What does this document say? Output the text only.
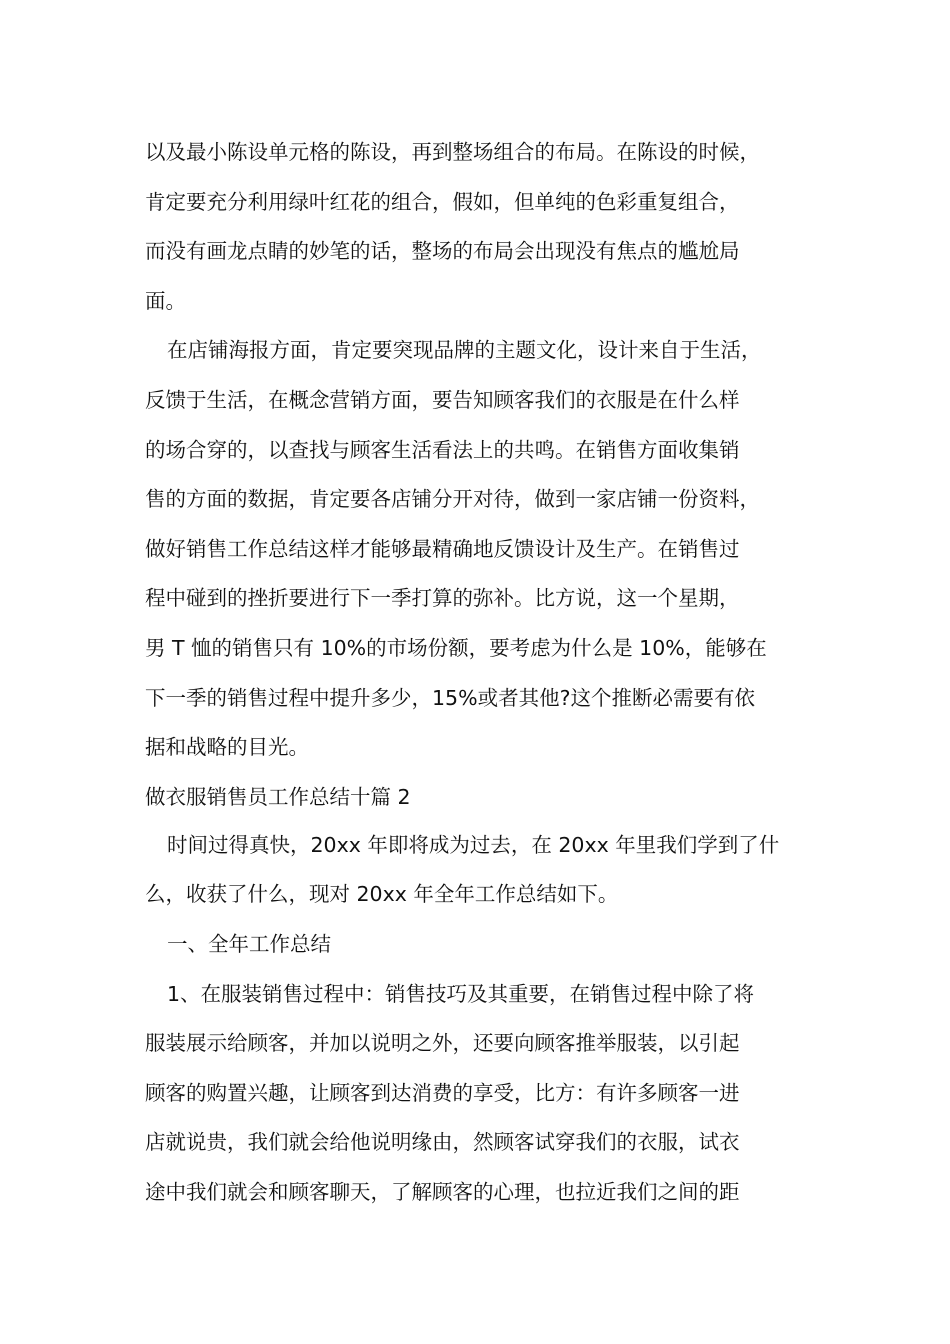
以及最小陈设单元格的陈设，再到整场组合的布局。在陈设的时候，
肯定要充分利用绿叶红花的组合，假如，但单纯的色彩重复组合，
而没有画龙点睛的妙笔的话，整场的布局会出现没有焦点的尴尬局
面。
在店铺海报方面，肯定要突现品牌的主题文化，设计来自于生活，
反馈于生活，在概念营销方面，要告知顾客我们的衣服是在什么样
的场合穿的，以查找与顾客生活看法上的共鸣。在销售方面收集销
售的方面的数据，肯定要各店铺分开对待，做到一家店铺一份资料，
做好销售工作总结这样才能够最精确地反馈设计及生产。在销售过
程中碰到的挫折要进行下一季打算的弥补。比方说，这一个星期，
男 T 恤的销售只有 10%的市场份额，要考虑为什么是 10%，能够在
下一季的销售过程中提升多少，15%或者其他?这个推断必需要有依
据和战略的目光。
做衣服销售员工作总结十篇 2
时间过得真快，20xx 年即将成为过去，在 20xx 年里我们学到了什
么，收获了什么，现对 20xx 年全年工作总结如下。
一、全年工作总结
1、在服装销售过程中：销售技巧及其重要，在销售过程中除了将
服装展示给顾客，并加以说明之外，还要向顾客推举服装，以引起
顾客的购置兴趣，让顾客到达消费的享受，比方：有许多顾客一进
店就说贵，我们就会给他说明缘由，然顾客试穿我们的衣服，试衣
途中我们就会和顾客聊天，了解顾客的心理，也拉近我们之间的距
